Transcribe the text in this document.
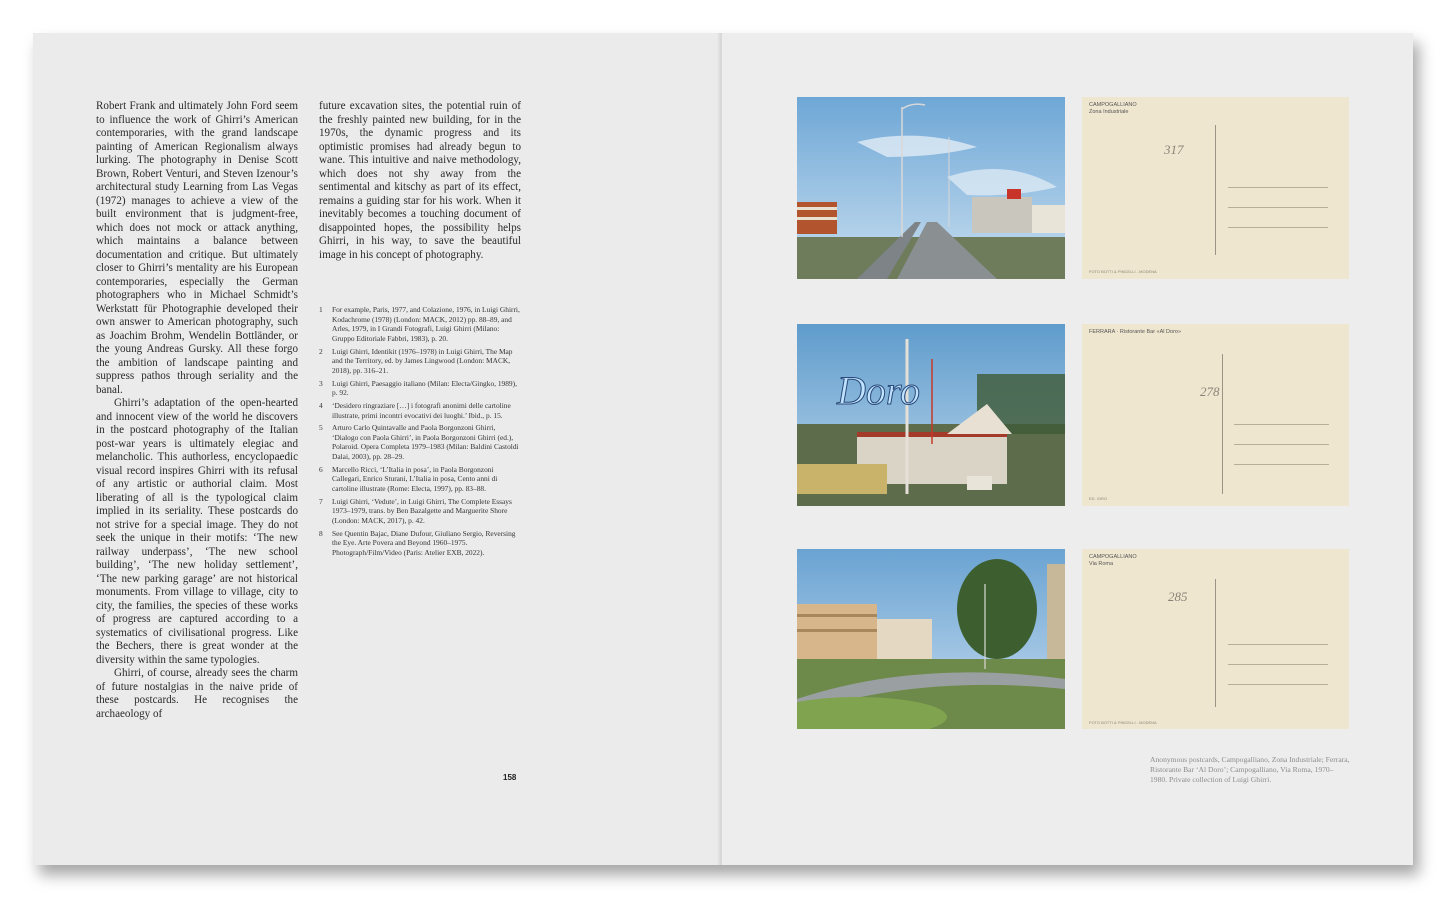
Robert Frank and ultimately John Ford seem to influence the work of Ghirri’s American contemporaries, with the grand landscape painting of American Regionalism always lurking. The photography in Denise Scott Brown, Robert Venturi, and Steven Izenour’s architectural study Learning from Las Vegas (1972) manages to achieve a view of the built environment that is judgment-free, which does not mock or attack anything, which maintains a balance between documentation and critique. But ultimately closer to Ghirri’s mentality are his European contemporaries, especially the German photographers who in Michael Schmidt’s Werkstatt für Photographie developed their own answer to American photography, such as Joachim Brohm, Wendelin Bottländer, or the young Andreas Gursky. All these forgo the ambition of landscape painting and suppress pathos through seriality and the banal.

Ghirri’s adaptation of the open-hearted and innocent view of the world he discovers in the postcard photography of the Italian post-war years is ultimately elegiac and melancholic. This authorless, encyclopaedic visual record inspires Ghirri with its refusal of any artistic or authorial claim. Most liberating of all is the typological claim implied in its seriality. These postcards do not strive for a special image. They do not seek the unique in their motifs: ‘The new railway underpass’, ‘The new school building’, ‘The new holiday settlement’, ‘The new parking garage’ are not historical monuments. From village to village, city to city, the families, the species of these works of progress are captured according to a systematics of civilisational progress. Like the Bechers, there is great wonder at the diversity within the same typologies.

Ghirri, of course, already sees the charm of future nostalgias in the naive pride of these postcards. He recognises the archaeology of

future excavation sites, the potential ruin of the freshly painted new building, for in the 1970s, the dynamic progress and its optimistic promises had already begun to wane. This intuitive and naive methodology, which does not shy away from the sentimental and kitschy as part of its effect, remains a guiding star for his work. When it inevitably becomes a touching document of disappointed hopes, the possibility helps Ghirri, in his way, to save the beautiful image in his concept of photography.

1	For example, Paris, 1977, and Colazione, 1976, in Luigi Ghirri, Kodachrome (1978) (London: MACK, 2012) pp. 88–89, and Arles, 1979, in I Grandi Fotografi, Luigi Ghirri (Milano: Gruppo Editoriale Fabbri, 1983), p. 20.
2	Luigi Ghirri, Identikit (1976–1978) in Luigi Ghirri, The Map and the Territory, ed. by James Lingwood (London: MACK, 2018), pp. 316–21.
3	Luigi Ghirri, Paesaggio italiano (Milan: Electa/Gingko, 1989), p. 92.
4	‘Desidero ringraziare […] i fotografi anonimi delle cartoline illustrate, primi incontri evocativi dei luoghi.’ Ibid., p. 15.
5	Arturo Carlo Quintavalle and Paola Borgonzoni Ghirri, ‘Dialogo con Paola Ghirri’, in Paola Borgonzoni Ghirri (ed.), Polaroid. Opera Completa 1979–1983 (Milan: Baldini Castoldi Dalai, 2003), pp. 28–29.
6	Marcello Ricci, ‘L’Italia in posa’, in Paola Borgonzoni Callegari, Enrico Sturani, L’Italia in posa, Cento anni di cartoline illustrate (Rome: Electa, 1997), pp. 83–88.
7	Luigi Ghirri, ‘Vedute’, in Luigi Ghirri, The Complete Essays 1973–1979, trans. by Ben Bazalgette and Marguerite Shore (London: MACK, 2017), p. 42.
8	See Quentin Bajac, Diane Dufour, Giuliano Sergio, Reversing the Eye. Arte Povera and Beyond 1960–1975. Photograph/Film/Video (Paris: Atelier EXB, 2022).
158
CAMPOGALLIANO
Zona Industriale
317
FOTO BOTTI & PINCELLI - MODENA
Doro
FERRARA · Ristorante Bar «Al Doro»
278
ED. GIRO
CAMPOGALLIANO
Via Roma
285
FOTO BOTTI & PINCELLI - MODENA
Anonymous postcards, Campogalliano, Zona Industriale; Ferrara, Ristorante Bar ‘Al Doro’; Campogalliano, Via Roma, 1970–1980. Private collection of Luigi Ghirri.
